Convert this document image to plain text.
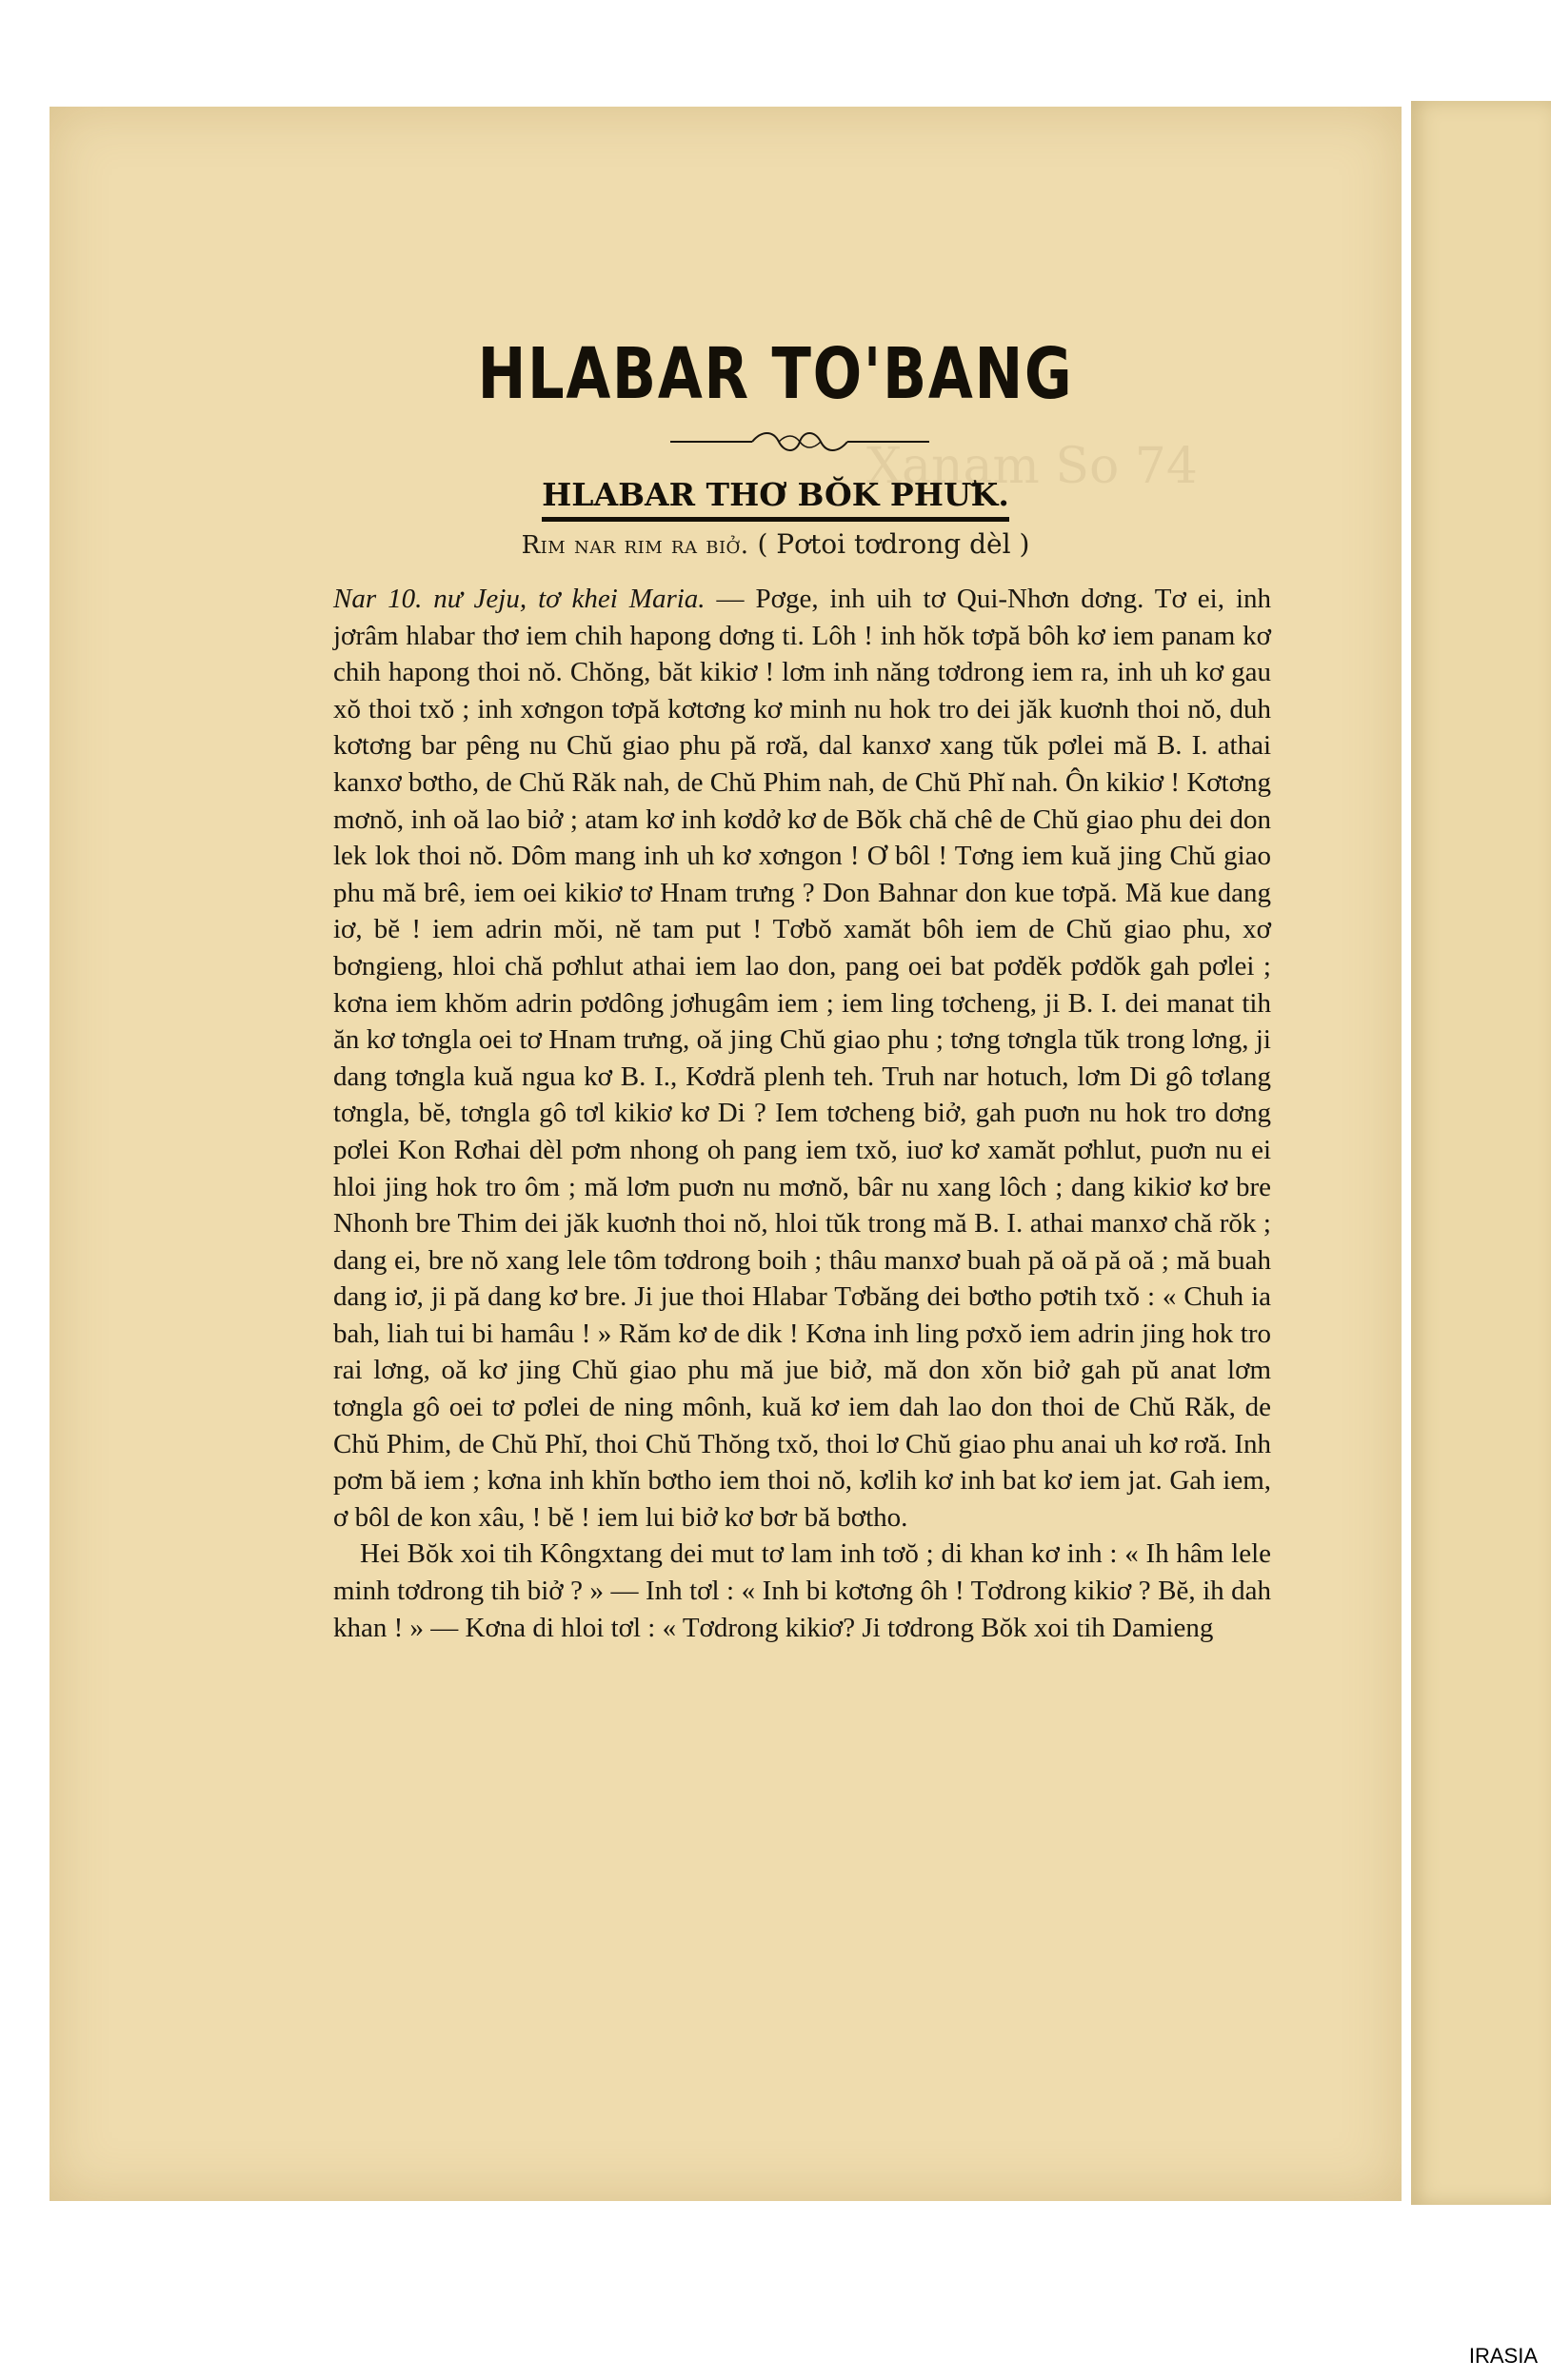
HLABAR TO'BANG
HLABAR THƠ BŎK PHƯK.
Rim nar rim ra biở. ( Pơtoi tơdrong dèl )

Nar 10. nư Jeju, tơ khei Maria. — Pơge, inh uih tơ Qui-Nhơn dơng. Tơ ei, inh jơrâm hlabar thơ iem chih hapong dơng ti. Lôh ! inh hŏk tơpă bôh kơ iem panam kơ chih hapong thoi nŏ. Chŏng, băt kikiơ ! lơm inh năng tơdrong iem ra, inh uh kơ gau xŏ thoi txŏ ; inh xơngon tơpă kơtơng kơ minh nu hok tro dei jăk kuơnh thoi nŏ, duh kơtơng bar pêng nu Chŭ giao phu pă rơă, dal kanxơ xang tŭk pơlei mă B. I. athai kanxơ bơtho, de Chŭ Răk nah, de Chŭ Phim nah, de Chŭ Phĭ nah. Ôn kikiơ ! Kơtơng mơnŏ, inh oă lao biở ; atam kơ inh kơdở kơ de Bŏk chă chê de Chŭ giao phu dei don lek lok thoi nŏ. Dôm mang inh uh kơ xơngon ! Ơ bôl ! Tơng iem kuă jing Chŭ giao phu mă brê, iem oei kikiơ tơ Hnam trưng ? Don Bahnar don kue tơpă. Mă kue dang iơ, bĕ ! iem adrin mŏi, nĕ tam put ! Tơbŏ xamăt bôh iem de Chŭ giao phu, xơ bơngieng, hloi chă pơhlut athai iem lao don, pang oei bat pơdĕk pơdŏk gah pơlei ; kơna iem khŏm adrin pơdông jơhugâm iem ; iem ling tơcheng, ji B. I. dei manat tih ăn kơ tơngla oei tơ Hnam trưng, oă jing Chŭ giao phu ; tơng tơngla tŭk trong lơng, ji dang tơngla kuă ngua kơ B. I., Kơdră plenh teh. Truh nar hotuch, lơm Di gô tơlang tơngla, bĕ, tơngla gô tơl kikiơ kơ Di ? Iem tơcheng biở, gah puơn nu hok tro dơng pơlei Kon Rơhai dèl pơm nhong oh pang iem txŏ, iuơ kơ xamăt pơhlut, puơn nu ei hloi jing hok tro ôm ; mă lơm puơn nu mơnŏ, bâr nu xang lôch ; dang kikiơ kơ bre Nhonh bre Thim dei jăk kuơnh thoi nŏ, hloi tŭk trong mă B. I. athai manxơ chă rŏk ; dang ei, bre nŏ xang lele tôm tơdrong boih ; thâu manxơ buah pă oă pă oă ; mă buah dang iơ, ji pă dang kơ bre. Ji jue thoi Hlabar Tơbăng dei bơtho pơtih txŏ : « Chuh ia bah, liah tui bi hamâu ! » Răm kơ de dik ! Kơna inh ling pơxŏ iem adrin jing hok tro rai lơng, oă kơ jing Chŭ giao phu mă jue biở, mă don xŏn biở gah pŭ anat lơm tơngla gô oei tơ pơlei de ning mônh, kuă kơ iem dah lao don thoi de Chŭ Răk, de Chŭ Phim, de Chŭ Phĭ, thoi Chŭ Thŏng txŏ, thoi lơ Chŭ giao phu anai uh kơ rơă. Inh pơm bă iem ; kơna inh khĭn bơtho iem thoi nŏ, kơlih kơ inh bat kơ iem jat. Gah iem, ơ bôl de kon xâu, ! bĕ ! iem lui biở kơ bơr bă bơtho.

Hei Bŏk xoi tih Kôngxtang dei mut tơ lam inh tơŏ ; di khan kơ inh : « Ih hâm lele minh tơdrong tih biở ? » — Inh tơl : « Inh bi kơtơng ôh ! Tơdrong kikiơ ? Bĕ, ih dah khan ! » — Kơna di hloi tơl : « Tơdrong kikiơ? Ji tơdrong Bŏk xoi tih Damieng

IRASIA
